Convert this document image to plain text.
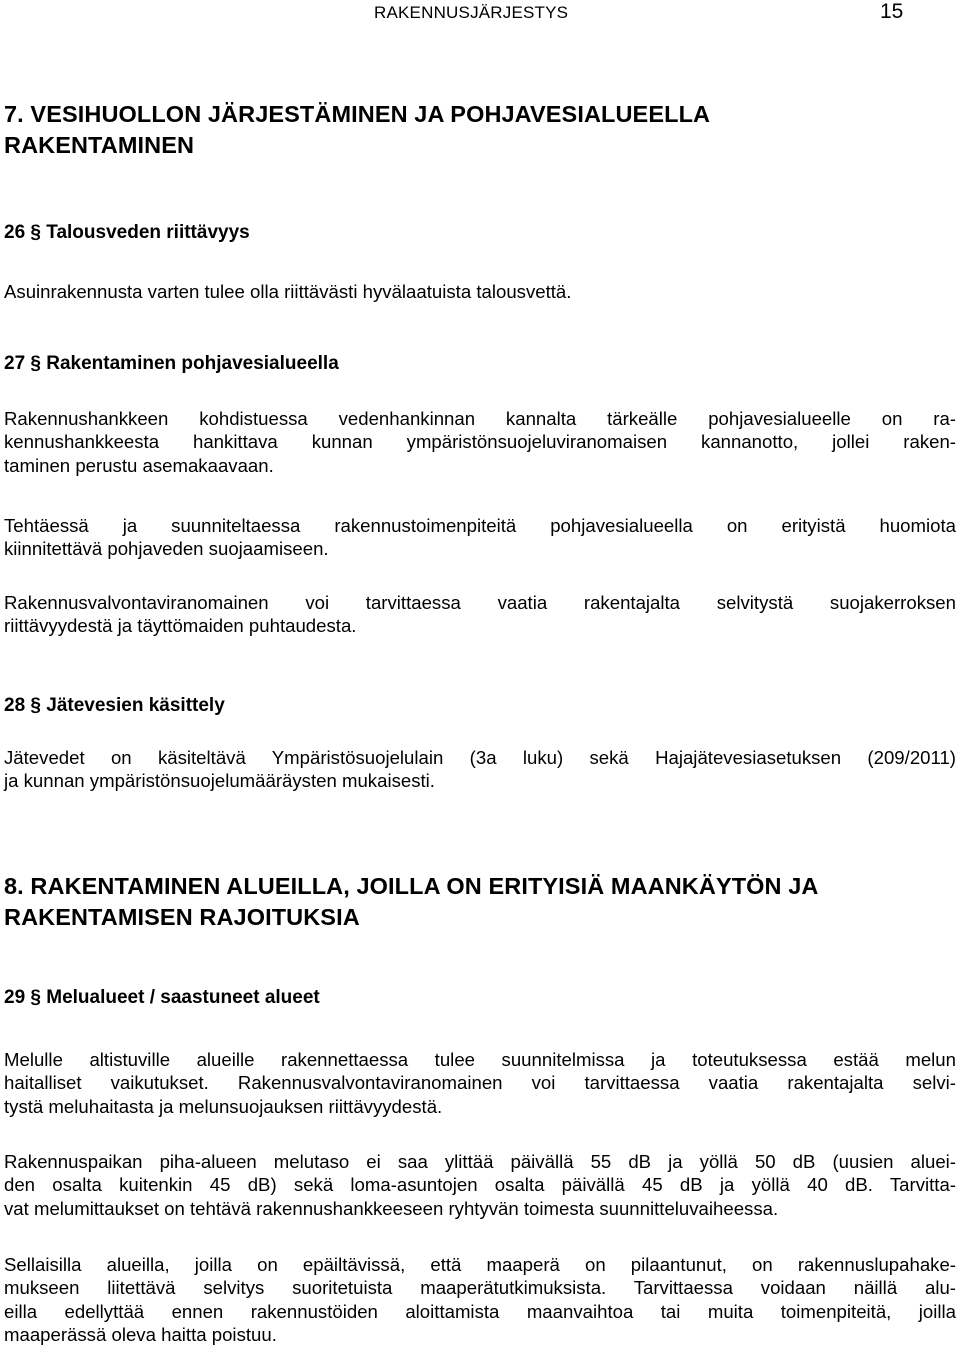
RAKENNUSJÄRJESTYS	15
7. VESIHUOLLON JÄRJESTÄMINEN JA POHJAVESIALUEELLA
RAKENTAMINEN
26 § Talousveden riittävyys
Asuinrakennusta varten tulee olla riittävästi hyvälaatuista talousvettä.
27 § Rakentaminen pohjavesialueella
Rakennushankkeen kohdistuessa vedenhankinnan kannalta tärkeälle pohjavesialueelle on ra-
kennushankkeesta hankittava kunnan ympäristönsuojeluviranomaisen kannanotto, jollei raken-
taminen perustu asemakaavaan.
Tehtäessä ja suunniteltaessa rakennustoimenpiteitä pohjavesialueella on erityistä huomiota
kiinnitettävä pohjaveden suojaamiseen.
Rakennusvalvontaviranomainen voi tarvittaessa vaatia rakentajalta selvitystä suojakerroksen
riittävyydestä ja täyttömaiden puhtaudesta.
28 § Jätevesien käsittely
Jätevedet on käsiteltävä Ympäristösuojelulain (3a luku) sekä Hajajätevesiasetuksen (209/2011)
ja kunnan ympäristönsuojelumääräysten mukaisesti.
8. RAKENTAMINEN ALUEILLA, JOILLA ON ERITYISIÄ MAANKÄYTÖN JA
RAKENTAMISEN RAJOITUKSIA
29 § Melualueet / saastuneet alueet
Melulle altistuville alueille rakennettaessa tulee suunnitelmissa ja toteutuksessa estää melun
haitalliset vaikutukset. Rakennusvalvontaviranomainen voi tarvittaessa vaatia rakentajalta selvi-
tystä meluhaitasta ja melunsuojauksen riittävyydestä.
Rakennuspaikan piha-alueen melutaso ei saa ylittää päivällä 55 dB ja yöllä 50 dB (uusien aluei-
den osalta kuitenkin 45 dB) sekä loma-asuntojen osalta päivällä 45 dB ja yöllä 40 dB. Tarvitta-
vat melumittaukset on tehtävä rakennushankkeeseen ryhtyvän toimesta suunnitteluvaiheessa.
Sellaisilla alueilla, joilla on epäiltävissä, että maaperä on pilaantunut, on rakennuslupahake-
mukseen liitettävä selvitys suoritetuista maaperätutkimuksista. Tarvittaessa voidaan näillä alu-
eilla edellyttää ennen rakennustöiden aloittamista maanvaihtoa tai muita toimenpiteitä, joilla
maaperässä oleva haitta poistuu.
